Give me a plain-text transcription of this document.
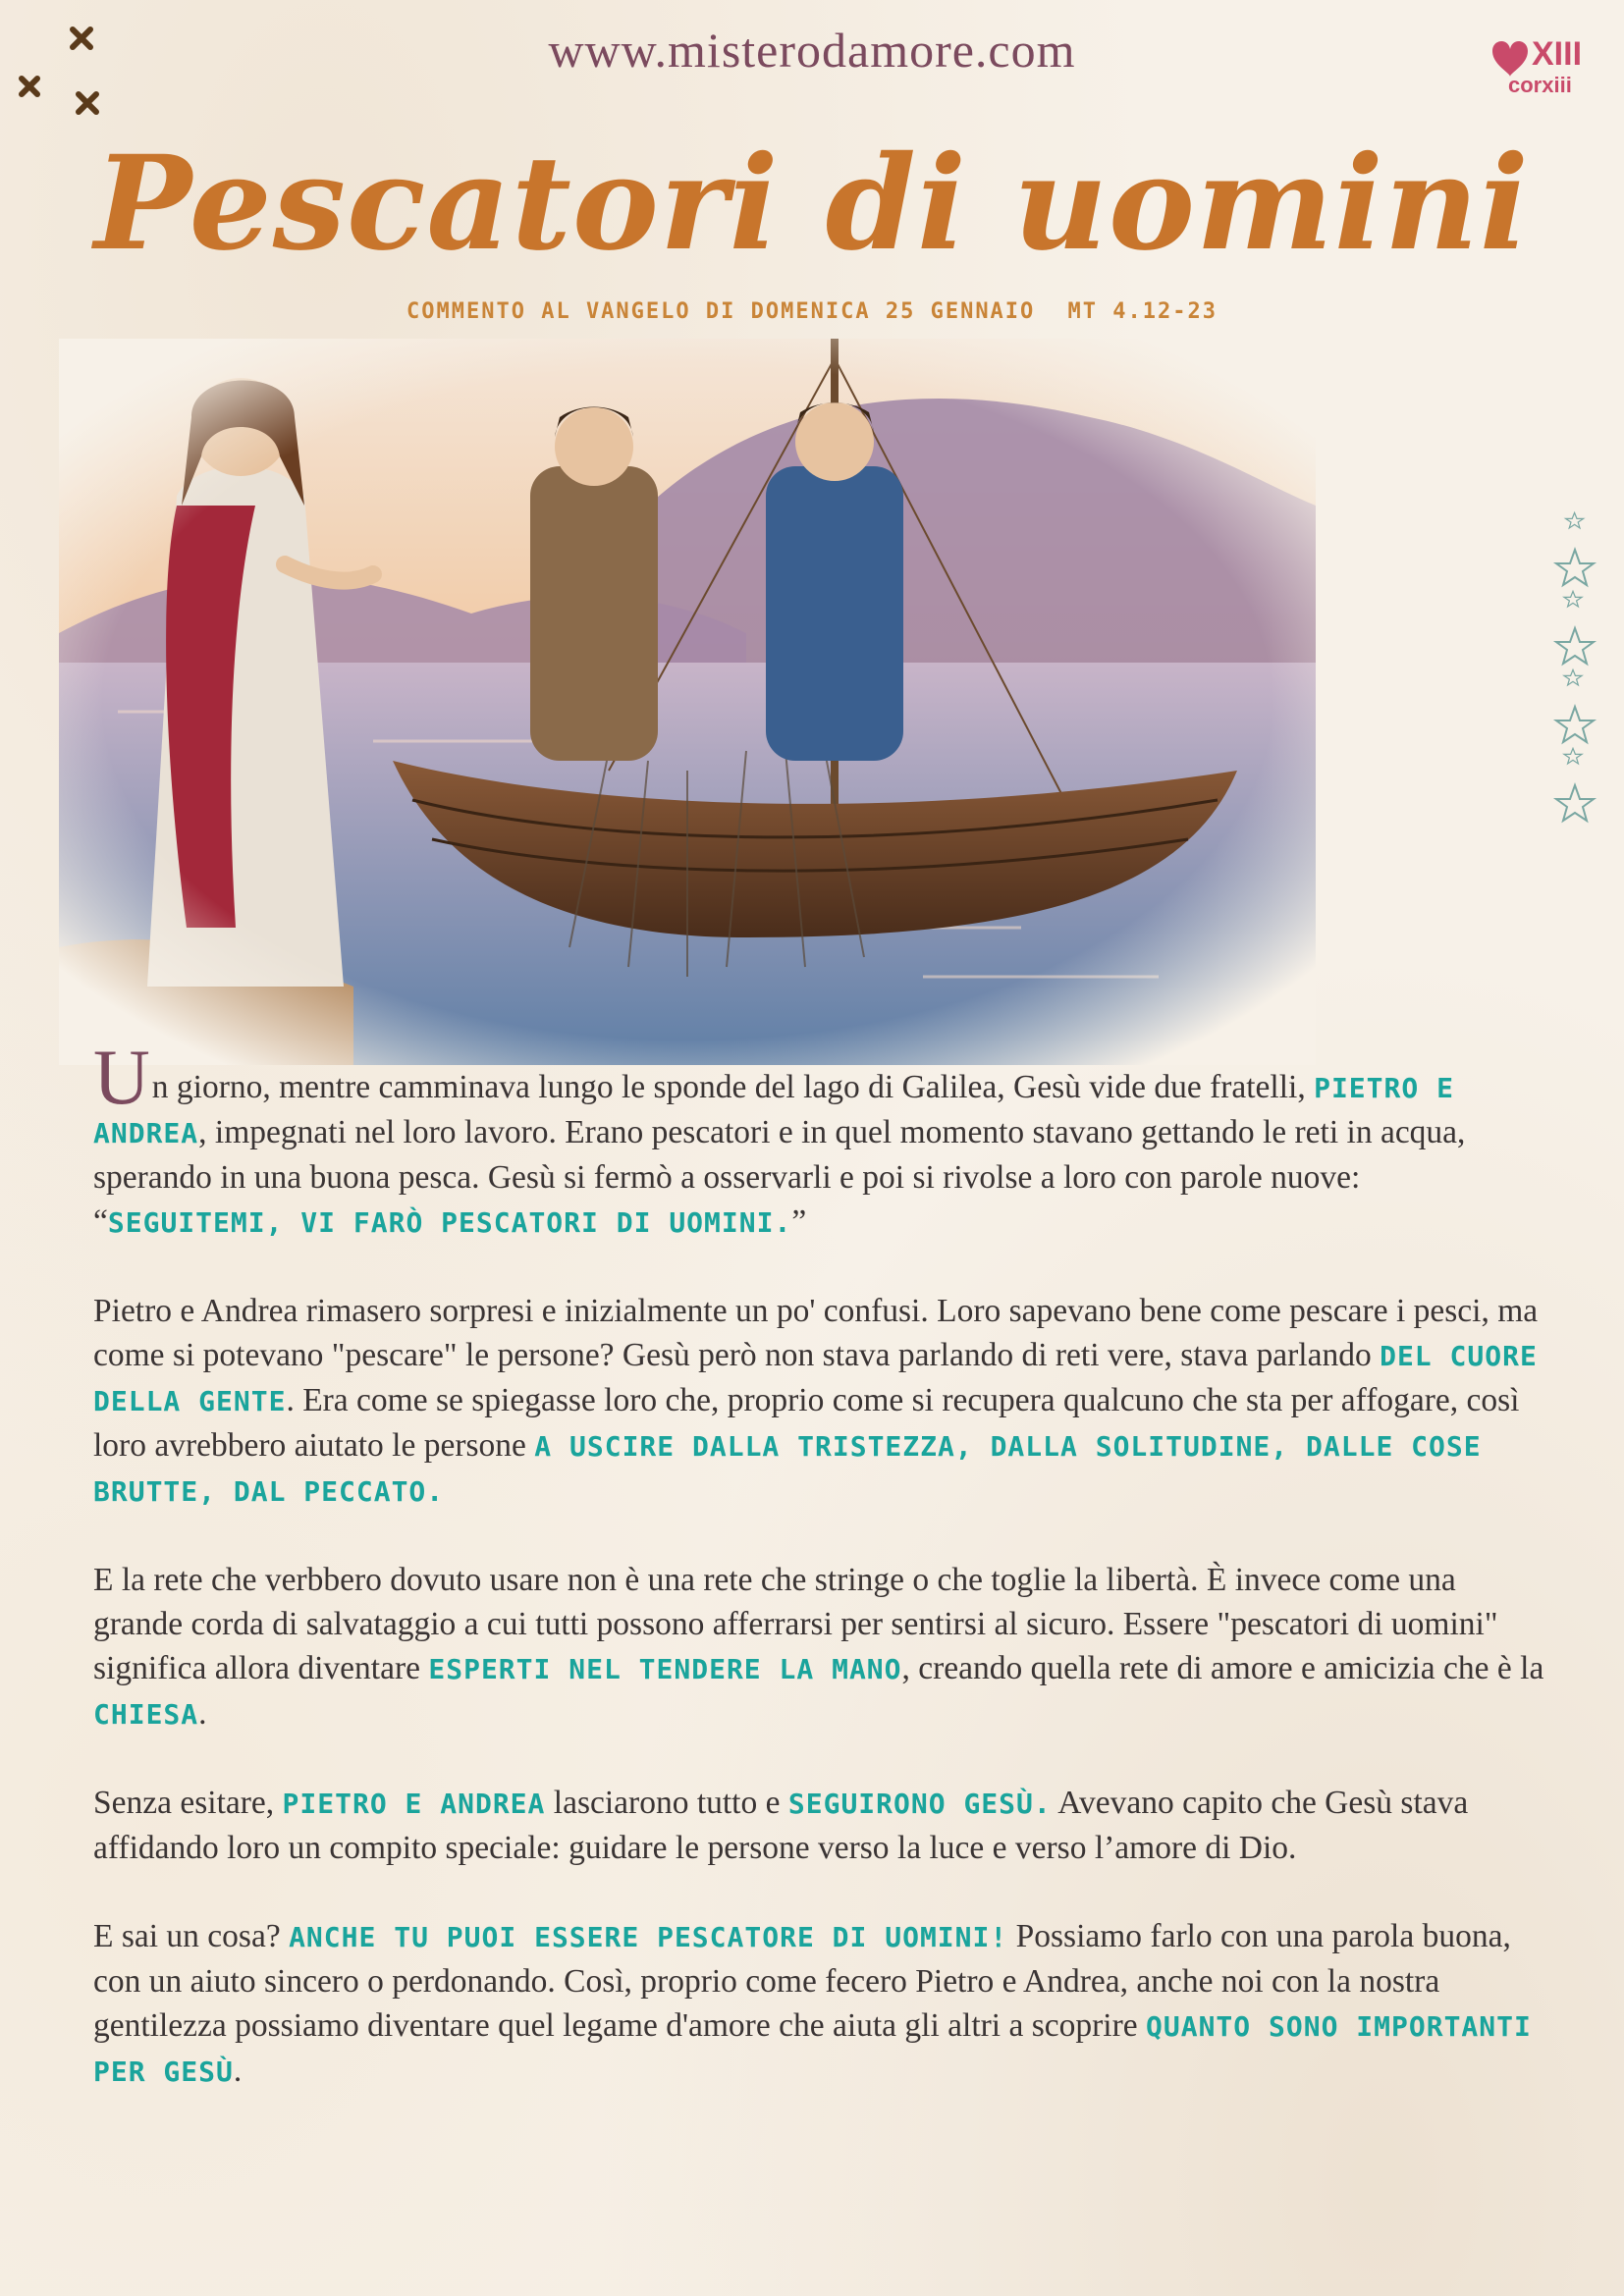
www.misterodamore.com	XIII
corxiii
Pescatori di uomini
COMMENTO AL VANGELO DI DOMENICA 25 GENNAIO MT 4.12-23

Un giorno, mentre camminava lungo le sponde del lago di Galilea, Gesù vide due fratelli, PIETRO E ANDREA, impegnati nel loro lavoro. Erano pescatori e in quel momento stavano gettando le reti in acqua, sperando in una buona pesca. Gesù si fermò a osservarli e poi si rivolse a loro con parole nuove: “SEGUITEMI, VI FARÒ PESCATORI DI UOMINI.”

Pietro e Andrea rimasero sorpresi e inizialmente un po' confusi. Loro sapevano bene come pescare i pesci, ma come si potevano "pescare" le persone? Gesù però non stava parlando di reti vere, stava parlando DEL CUORE DELLA GENTE. Era come se spiegasse loro che, proprio come si recupera qualcuno che sta per affogare, così loro avrebbero aiutato le persone A USCIRE DALLA TRISTEZZA, DALLA SOLITUDINE, DALLE COSE BRUTTE, DAL PECCATO.

E la rete che verbbero dovuto usare non è una rete che stringe o che toglie la libertà. È invece come una grande corda di salvataggio a cui tutti possono afferrarsi per sentirsi al sicuro. Essere "pescatori di uomini" significa allora diventare ESPERTI NEL TENDERE LA MANO, creando quella rete di amore e amicizia che è la CHIESA.

Senza esitare, PIETRO E ANDREA lasciarono tutto e SEGUIRONO GESÙ. Avevano capito che Gesù stava affidando loro un compito speciale: guidare le persone verso la luce e verso l’amore di Dio.

E sai un cosa? ANCHE TU PUOI ESSERE PESCATORE DI UOMINI! Possiamo farlo con una parola buona, con un aiuto sincero o perdonando. Così, proprio come fecero Pietro e Andrea, anche noi con la nostra gentilezza possiamo diventare quel legame d'amore che aiuta gli altri a scoprire QUANTO SONO IMPORTANTI PER GESÙ.
